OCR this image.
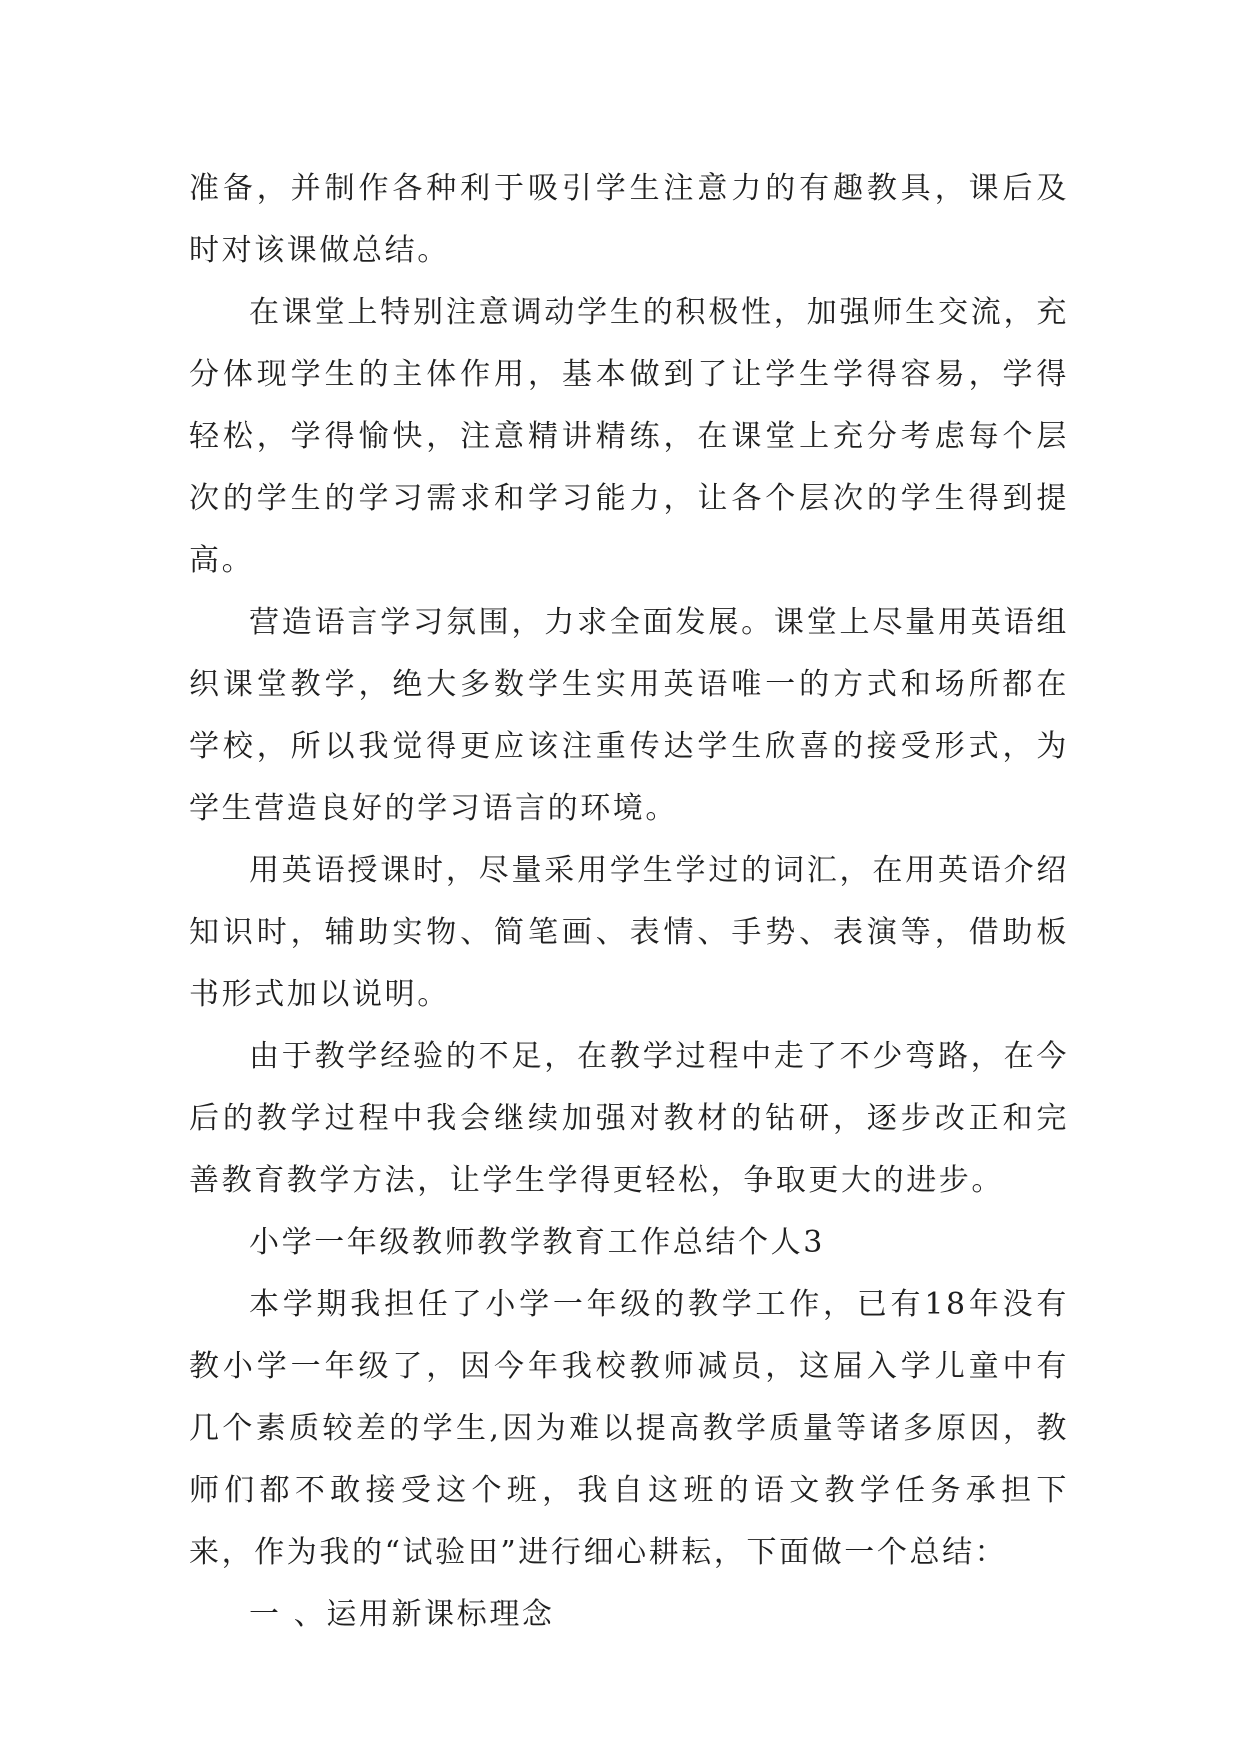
准备，并制作各种利于吸引学生注意力的有趣教具，课后及时对该课做总结。

在课堂上特别注意调动学生的积极性，加强师生交流，充分体现学生的主体作用，基本做到了让学生学得容易，学得轻松，学得愉快，注意精讲精练，在课堂上充分考虑每个层次的学生的学习需求和学习能力，让各个层次的学生得到提高。

营造语言学习氛围，力求全面发展。课堂上尽量用英语组织课堂教学，绝大多数学生实用英语唯一的方式和场所都在学校，所以我觉得更应该注重传达学生欣喜的接受形式，为学生营造良好的学习语言的环境。

用英语授课时，尽量采用学生学过的词汇，在用英语介绍知识时，辅助实物、简笔画、表情、手势、表演等，借助板书形式加以说明。

由于教学经验的不足，在教学过程中走了不少弯路，在今后的教学过程中我会继续加强对教材的钻研，逐步改正和完善教育教学方法，让学生学得更轻松，争取更大的进步。

小学一年级教师教学教育工作总结个人3

本学期我担任了小学一年级的教学工作，已有18年没有教小学一年级了，因今年我校教师减员，这届入学儿童中有几个素质较差的学生,因为难以提高教学质量等诸多原因，教师们都不敢接受这个班，我自这班的语文教学任务承担下来，作为我的“试验田”进行细心耕耘，下面做一个总结：

一 、运用新课标理念
